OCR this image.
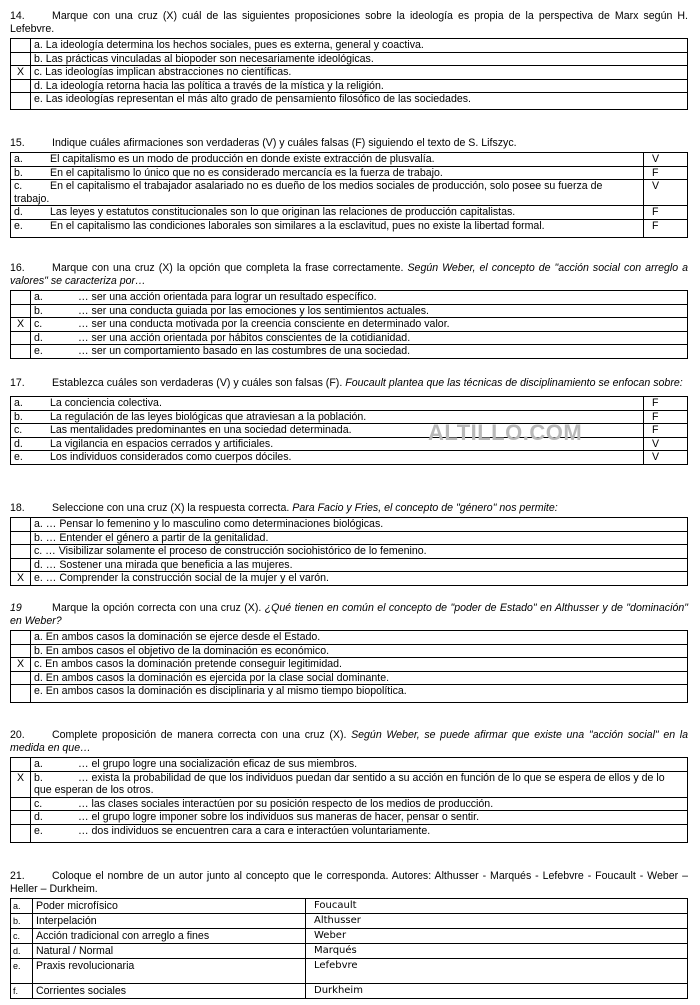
14.	Marque con una cruz (X) cuál de las siguientes proposiciones sobre la ideología es propia de la perspectiva de Marx según H. Lefebvre.

	a. La ideología determina los hechos sociales, pues es externa, general y coactiva.
	b. Las prácticas vinculadas al biopoder son necesariamente ideológicas.
X	c. Las ideologías implican abstracciones no científicas.
	d. La ideología retorna hacia las política a través de la mística y la religión.
	e. Las ideologías representan el más alto grado de pensamiento filosófico de las sociedades.

15.	Indique cuáles afirmaciones son verdaderas (V) y cuáles falsas (F) siguiendo el texto de S. Lifszyc.

a. El capitalismo es un modo de producción en donde existe extracción de plusvalía.	V
b. En el capitalismo lo único que no es considerado mercancía es la fuerza de trabajo.	F
c. En el capitalismo el trabajador asalariado no es dueño de los medios sociales de producción, solo posee su fuerza de trabajo.	V
d. Las leyes y estatutos constitucionales son lo que originan las relaciones de producción capitalistas.	F
e. En el capitalismo las condiciones laborales son similares a la esclavitud, pues no existe la libertad formal.	F

16.	Marque con una cruz (X) la opción que completa la frase correctamente. Según Weber, el concepto de "acción social con arreglo a valores" se caracteriza por…

	a. … ser una acción orientada para lograr un resultado específico.
	b. … ser una conducta guiada por las emociones y los sentimientos actuales.
X	c. … ser una conducta motivada por la creencia consciente en determinado valor.
	d. … ser una acción orientada por hábitos conscientes de la cotidianidad.
	e. … ser un comportamiento basado en las costumbres de una sociedad.

17.	Establezca cuáles son verdaderas (V) y cuáles son falsas (F). Foucault plantea que las técnicas de disciplinamiento se enfocan sobre:

a. La conciencia colectiva.	F
b. La regulación de las leyes biológicas que atraviesan a la población.	F
c. Las mentalidades predominantes en una sociedad determinada.	F
d. La vigilancia en espacios cerrados y artificiales.	V
e. Los individuos considerados como cuerpos dóciles.	V
ALTILLO.COM

18.	Seleccione con una cruz (X) la respuesta correcta. Para Facio y Fries, el concepto de "género" nos permite:

	a. … Pensar lo femenino y lo masculino como determinaciones biológicas.
	b. … Entender el género a partir de la genitalidad.
	c. … Visibilizar solamente el proceso de construcción sociohistórico de lo femenino.
	d. … Sostener una mirada que beneficia a las mujeres.
X	e. … Comprender la construcción social de la mujer y el varón.

19	Marque la opción correcta con una cruz (X). ¿Qué tienen en común el concepto de "poder de Estado" en Althusser y de "dominación" en Weber?

	a. En ambos casos la dominación se ejerce desde el Estado.
	b. En ambos casos el objetivo de la dominación es económico.
X	c. En ambos casos la dominación pretende conseguir legitimidad.
	d. En ambos casos la dominación es ejercida por la clase social dominante.
	e. En ambos casos la dominación es disciplinaria y al mismo tiempo biopolítica.

20.	Complete proposición de manera correcta con una cruz (X). Según Weber, se puede afirmar que existe una "acción social" en la medida en que…

	a. … el grupo logre una socialización eficaz de sus miembros.
X	b. … exista la probabilidad de que los individuos puedan dar sentido a su acción en función de lo que se espera de ellos y de lo que esperan de los otros.
	c. … las clases sociales interactúen por su posición respecto de los medios de producción.
	d. … el grupo logre imponer sobre los individuos sus maneras de hacer, pensar o sentir.
	e. … dos individuos se encuentren cara a cara e interactúen voluntariamente.

21.	Coloque el nombre de un autor junto al concepto que le corresponda. Autores: Althusser - Marqués - Lefebvre - Foucault - Weber – Heller – Durkheim.

a.	Poder microfísico	Foucault
b.	Interpelación	Althusser
c.	Acción tradicional con arreglo a fines	Weber
d.	Natural / Normal	Marqués
e.	Praxis revolucionaria	Lefebvre
f.	Corrientes sociales	Durkheim
